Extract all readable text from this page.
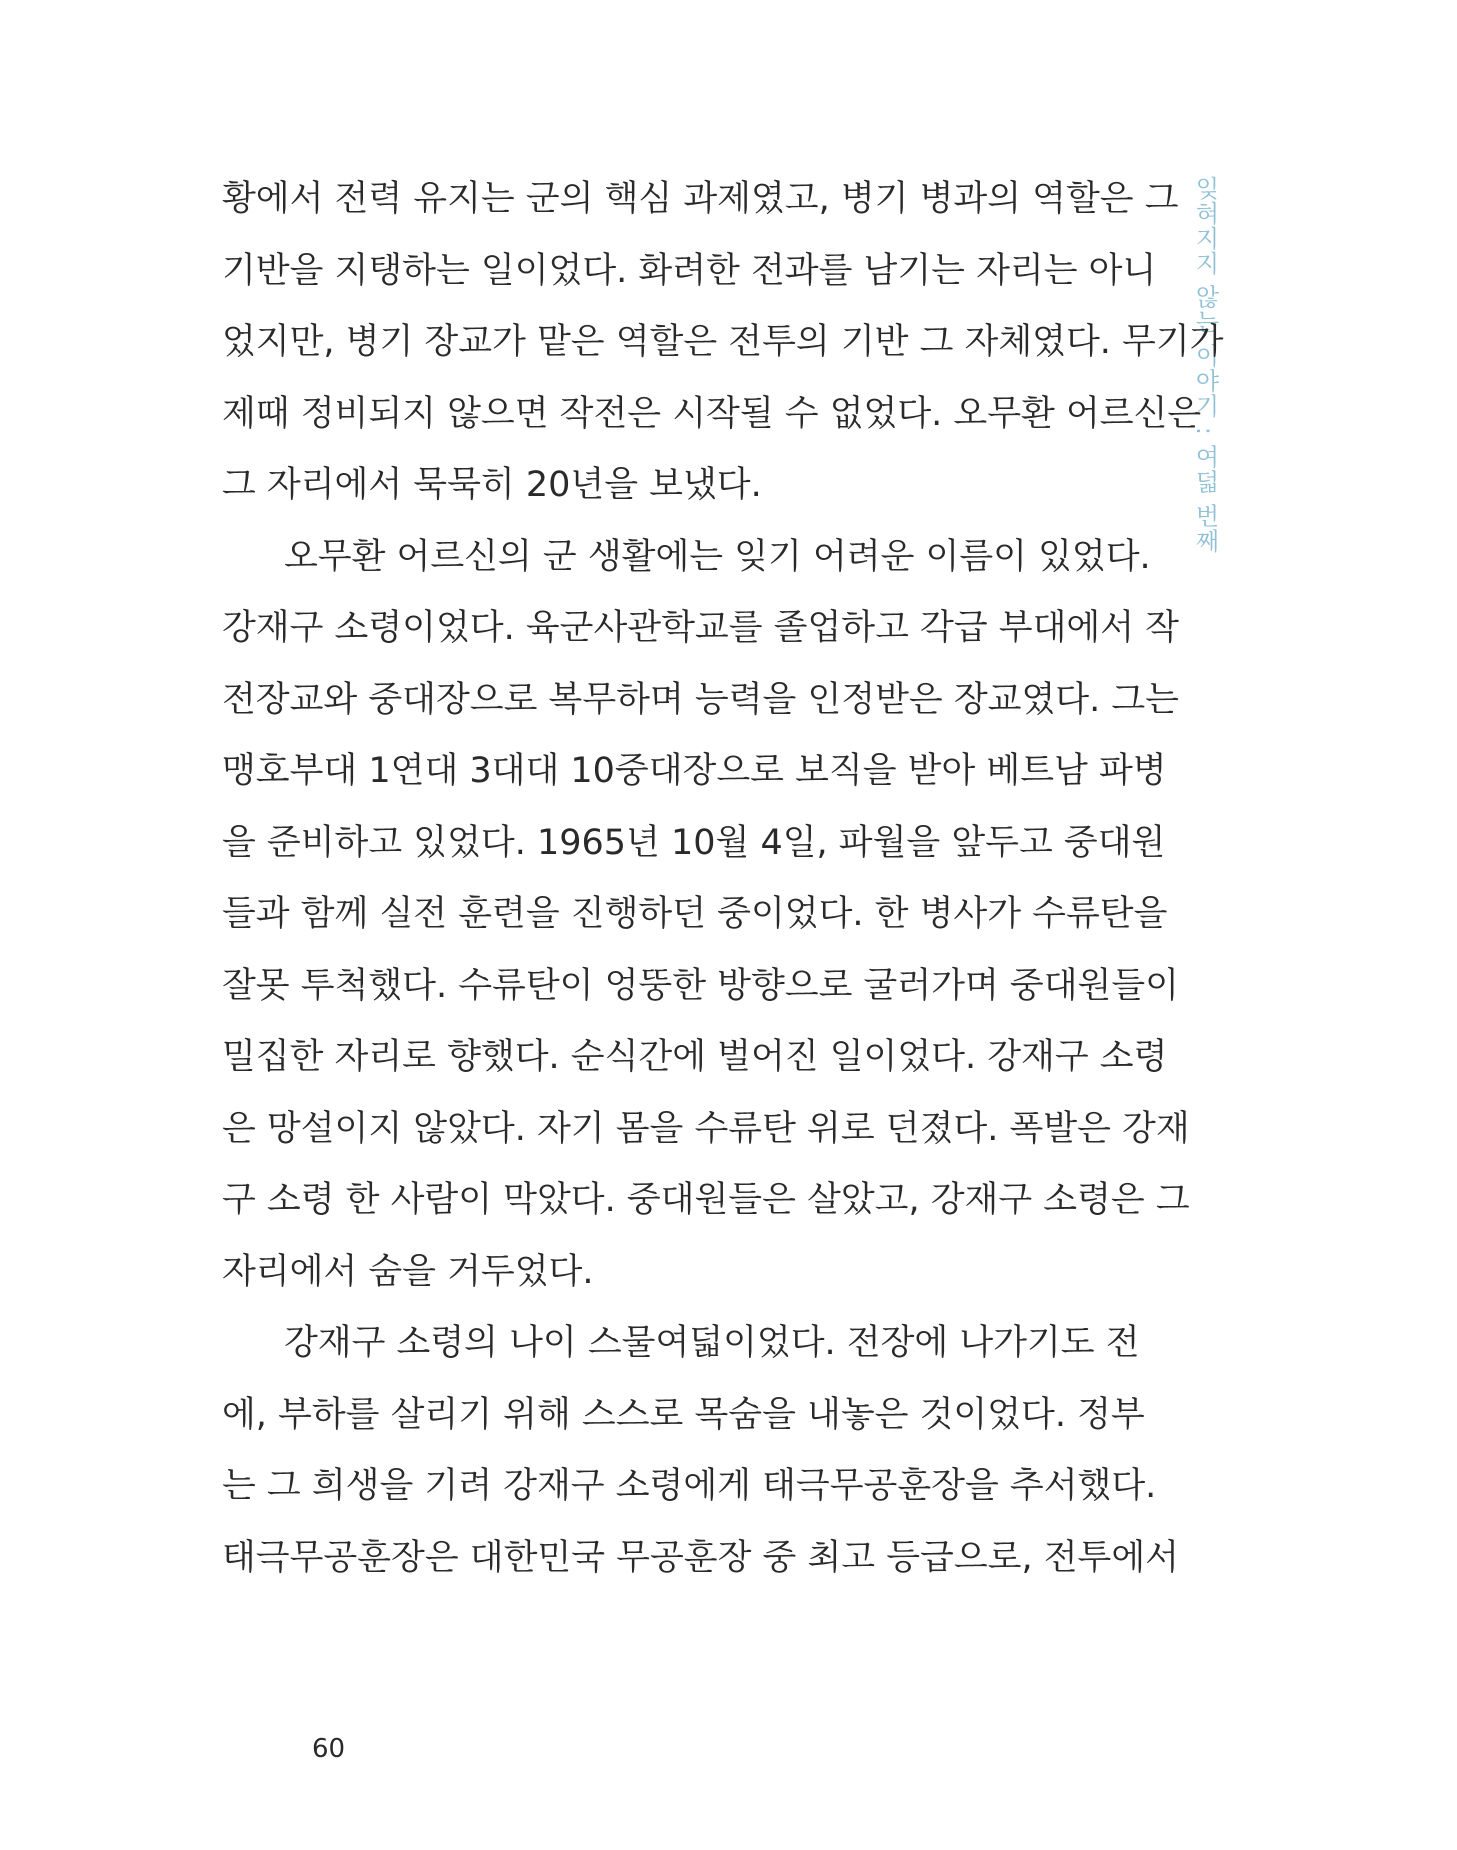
잊혀지지 않는 이야기 : 여덟 번째
황에서 전력 유지는 군의 핵심 과제였고, 병기 병과의 역할은 그
기반을 지탱하는 일이었다. 화려한 전과를 남기는 자리는 아니
었지만, 병기 장교가 맡은 역할은 전투의 기반 그 자체였다. 무기가
제때 정비되지 않으면 작전은 시작될 수 없었다. 오무환 어르신은
그 자리에서 묵묵히 20년을 보냈다.
오무환 어르신의 군 생활에는 잊기 어려운 이름이 있었다.
강재구 소령이었다. 육군사관학교를 졸업하고 각급 부대에서 작
전장교와 중대장으로 복무하며 능력을 인정받은 장교였다. 그는
맹호부대 1연대 3대대 10중대장으로 보직을 받아 베트남 파병
을 준비하고 있었다. 1965년 10월 4일, 파월을 앞두고 중대원
들과 함께 실전 훈련을 진행하던 중이었다. 한 병사가 수류탄을
잘못 투척했다. 수류탄이 엉뚱한 방향으로 굴러가며 중대원들이
밀집한 자리로 향했다. 순식간에 벌어진 일이었다. 강재구 소령
은 망설이지 않았다. 자기 몸을 수류탄 위로 던졌다. 폭발은 강재
구 소령 한 사람이 막았다. 중대원들은 살았고, 강재구 소령은 그
자리에서 숨을 거두었다.
강재구 소령의 나이 스물여덟이었다. 전장에 나가기도 전
에, 부하를 살리기 위해 스스로 목숨을 내놓은 것이었다. 정부
는 그 희생을 기려 강재구 소령에게 태극무공훈장을 추서했다.
태극무공훈장은 대한민국 무공훈장 중 최고 등급으로, 전투에서
60
